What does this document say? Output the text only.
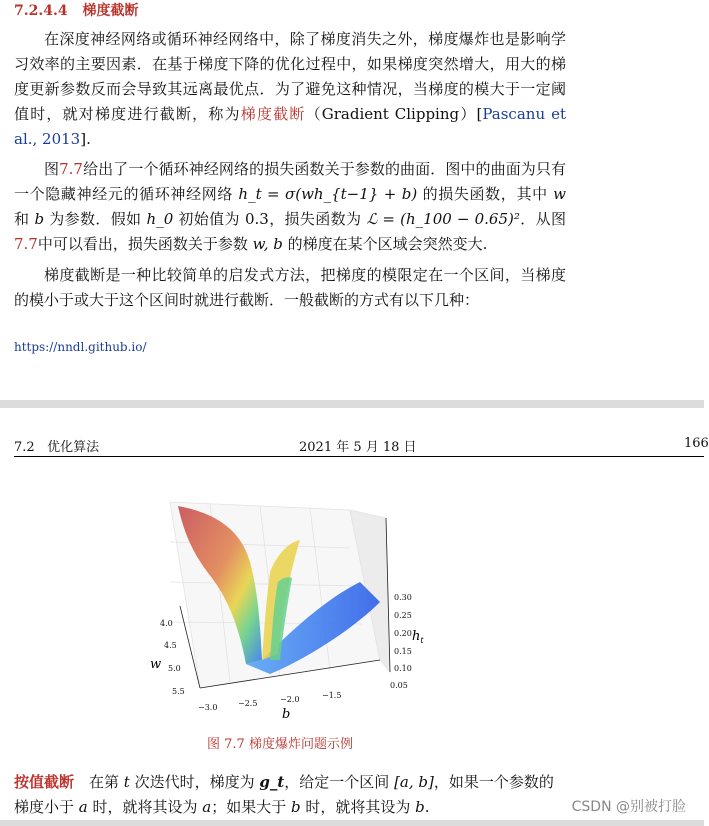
7.2.4.4 梯度截断

在深度神经网络或循环神经网络中，除了梯度消失之外，梯度爆炸也是影响学习效率的主要因素．在基于梯度下降的优化过程中，如果梯度突然增大，用大的梯度更新参数反而会导致其远离最优点．为了避免这种情况，当梯度的模大于一定阈值时，就对梯度进行截断，称为梯度截断（Gradient Clipping）[Pascanu et al., 2013].

图7.7给出了一个循环神经网络的损失函数关于参数的曲面．图中的曲面为只有一个隐藏神经元的循环神经网络 h_t = σ(wh_{t−1} + b) 的损失函数，其中 w 和 b 为参数．假如 h_0 初始值为 0.3，损失函数为 ℒ = (h_100 − 0.65)²．从图7.7中可以看出，损失函数关于参数 w, b 的梯度在某个区域会突然变大.

梯度截断是一种比较简单的启发式方法，把梯度的模限定在一个区间，当梯度的模小于或大于这个区间时就进行截断．一般截断的方式有以下几种：

https://nndl.github.io/
7.2 优化算法	2021 年 5 月 18 日	166
4.0
4.5
5.0
5.5
w
−3.0	−2.5	−2.0	−1.5
b
0.30
0.25
0.20
0.15
0.10
0.05
$h_t$
图 7.7 梯度爆炸问题示例
按值截断　在第 t 次迭代时，梯度为 g_t，给定一个区间 [a, b]，如果一个参数的梯度小于 a 时，就将其设为 a；如果大于 b 时，就将其设为 b.	CSDN @别被打脸
